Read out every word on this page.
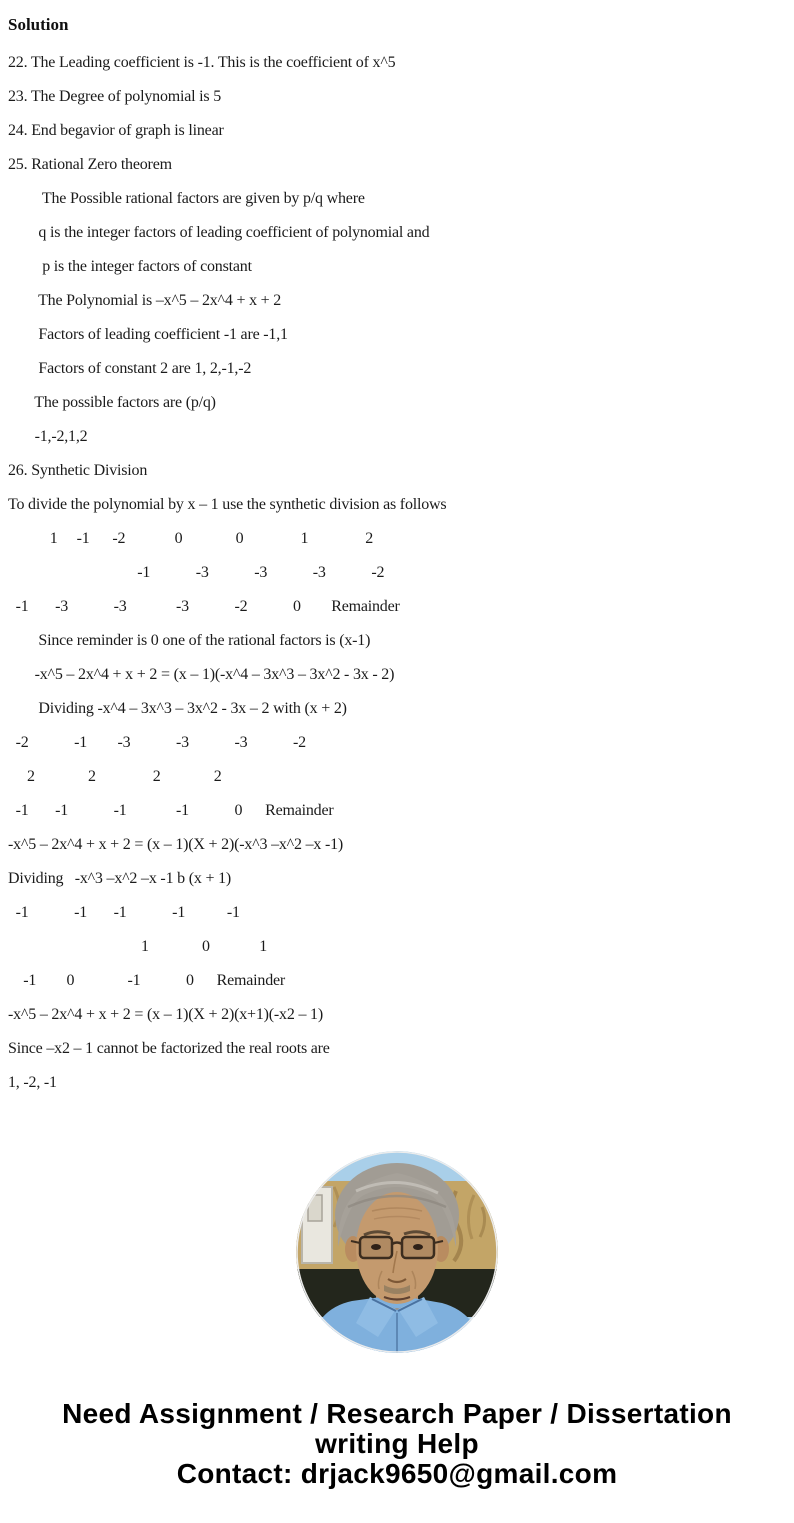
Solution

22. The Leading coefficient is -1. This is the coefficient of x^5

23. The Degree of polynomial is 5

24. End begavior of graph is linear

25. Rational Zero theorem

The Possible rational factors are given by p/q where

q is the integer factors of leading coefficient of polynomial and

p is the integer factors of constant

The Polynomial is –x^5 – 2x^4 + x + 2

Factors of leading coefficient -1 are -1,1

Factors of constant 2 are 1, 2,-1,-2

The possible factors are (p/q)

-1,-2,1,2

26. Synthetic Division

To divide the polynomial by x – 1 use the synthetic division as follows

1     -1      -2             0              0               1               2

-1            -3            -3            -3            -2

-1       -3            -3             -3            -2            0        Remainder

Since reminder is 0 one of the rational factors is (x-1)

-x^5 – 2x^4 + x + 2 = (x – 1)(-x^4 – 3x^3 – 3x^2 - 3x - 2)

Dividing -x^4 – 3x^3 – 3x^2 - 3x – 2 with (x + 2)

-2            -1        -3            -3            -3            -2

2              2               2              2

-1       -1            -1             -1            0      Remainder

-x^5 – 2x^4 + x + 2 = (x – 1)(X + 2)(-x^3 –x^2 –x -1)

Dividing   -x^3 –x^2 –x -1 b (x + 1)

-1            -1       -1            -1           -1

1              0             1

-1        0              -1            0      Remainder

-x^5 – 2x^4 + x + 2 = (x – 1)(X + 2)(x+1)(-x2 – 1)

Since –x2 – 1 cannot be factorized the real roots are

1, -2, -1

Need Assignment / Research Paper / Dissertation
writing Help
Contact: drjack9650@gmail.com
